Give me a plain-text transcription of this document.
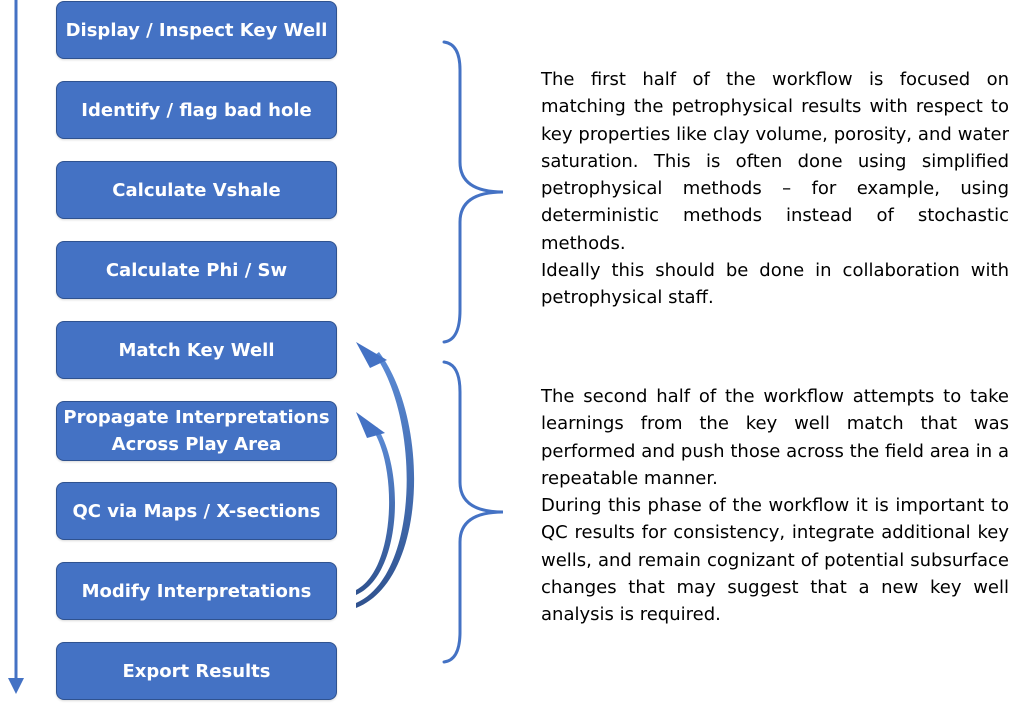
Display / Inspect Key Well
Identify / flag bad hole
Calculate Vshale
Calculate Phi / Sw
Match Key Well
Propagate Interpretations
Across Play Area
QC via Maps / X-sections
Modify Interpretations
Export Results

The first half of the workflow is focused on matching the petrophysical results with respect to key properties like clay volume, porosity, and water saturation. This is often done using simplified petrophysical methods – for example, using deterministic methods instead of stochastic methods.

Ideally this should be done in collaboration with petrophysical staff.

The second half of the workflow attempts to take learnings from the key well match that was performed and push those across the field area in a repeatable manner.

During this phase of the workflow it is important to QC results for consistency, integrate additional key wells, and remain cognizant of potential subsurface changes that may suggest that a new key well analysis is required.
